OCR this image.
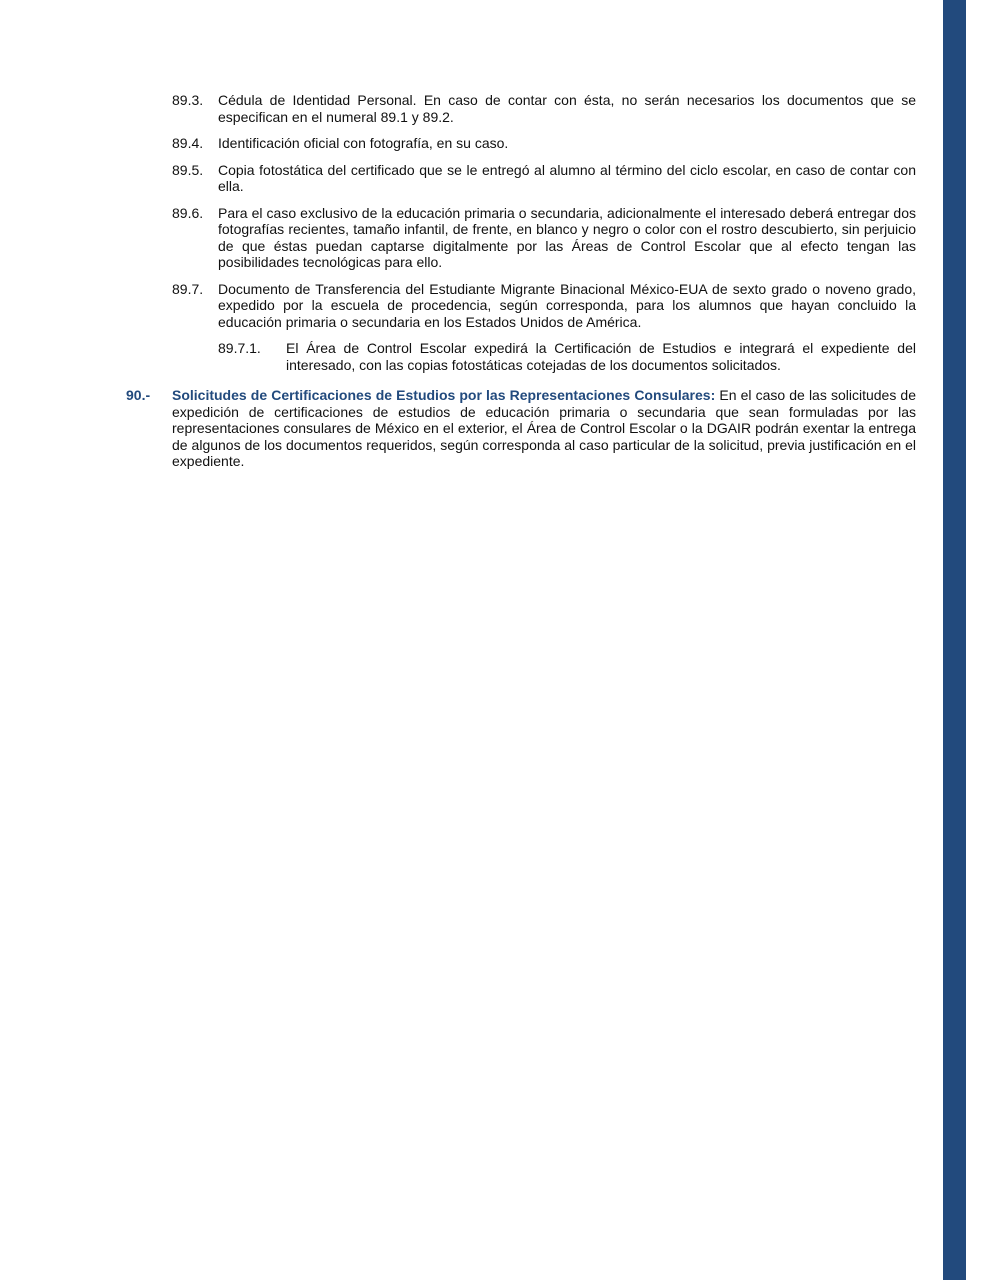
89.3. Cédula de Identidad Personal. En caso de contar con ésta, no serán necesarios los documentos que se especifican en el numeral 89.1 y 89.2.
89.4. Identificación oficial con fotografía, en su caso.
89.5. Copia fotostática del certificado que se le entregó al alumno al término del ciclo escolar, en caso de contar con ella.
89.6. Para el caso exclusivo de la educación primaria o secundaria, adicionalmente el interesado deberá entregar dos fotografías recientes, tamaño infantil, de frente, en blanco y negro o color con el rostro descubierto, sin perjuicio de que éstas puedan captarse digitalmente por las Áreas de Control Escolar que al efecto tengan las posibilidades tecnológicas para ello.
89.7. Documento de Transferencia del Estudiante Migrante Binacional México-EUA de sexto grado o noveno grado, expedido por la escuela de procedencia, según corresponda, para los alumnos que hayan concluido la educación primaria o secundaria en los Estados Unidos de América.
89.7.1. El Área de Control Escolar expedirá la Certificación de Estudios e integrará el expediente del interesado, con las copias fotostáticas cotejadas de los documentos solicitados.
90.- Solicitudes de Certificaciones de Estudios por las Representaciones Consulares: En el caso de las solicitudes de expedición de certificaciones de estudios de educación primaria o secundaria que sean formuladas por las representaciones consulares de México en el exterior, el Área de Control Escolar o la DGAIR podrán exentar la entrega de algunos de los documentos requeridos, según corresponda al caso particular de la solicitud, previa justificación en el expediente.
